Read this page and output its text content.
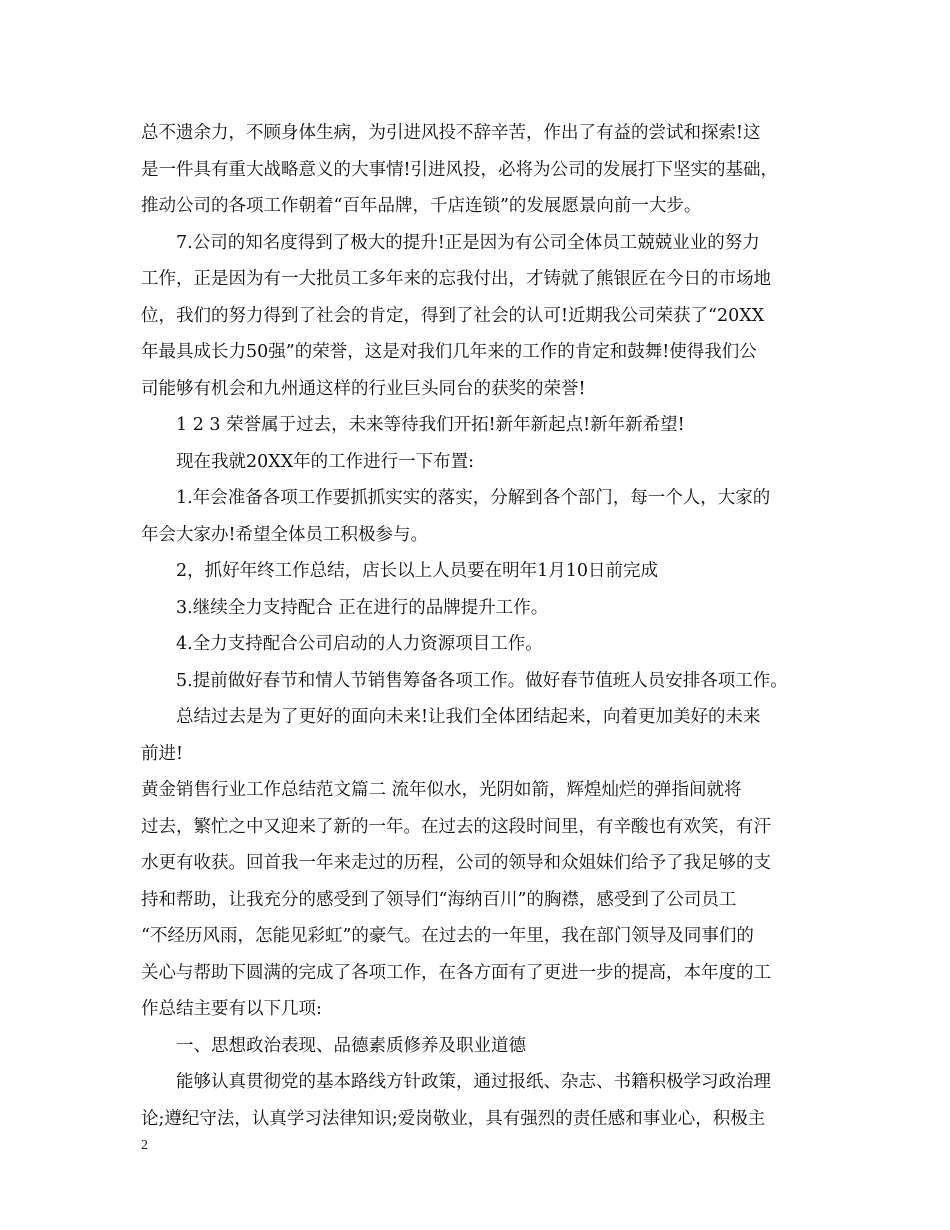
总不遗余力，不顾身体生病，为引进风投不辞辛苦，作出了有益的尝试和探索!这
是一件具有重大战略意义的大事情!引进风投，必将为公司的发展打下坚实的基础，
推动公司的各项工作朝着“百年品牌，千店连锁”的发展愿景向前一大步。
7.公司的知名度得到了极大的提升!正是因为有公司全体员工兢兢业业的努力
工作，正是因为有一大批员工多年来的忘我付出，才铸就了熊银匠在今日的市场地
位，我们的努力得到了社会的肯定，得到了社会的认可!近期我公司荣获了“20XX
年最具成长力50强”的荣誉，这是对我们几年来的工作的肯定和鼓舞!使得我们公
司能够有机会和九州通这样的行业巨头同台的获奖的荣誉!
1 2 3 荣誉属于过去，未来等待我们开拓!新年新起点!新年新希望!
现在我就20XX年的工作进行一下布置:
1.年会准备各项工作要抓抓实实的落实，分解到各个部门，每一个人，大家的
年会大家办!希望全体员工积极参与。
2，抓好年终工作总结，店长以上人员要在明年1月10日前完成
3.继续全力支持配合 正在进行的品牌提升工作。
4.全力支持配合公司启动的人力资源项目工作。
5.提前做好春节和情人节销售筹备各项工作。做好春节值班人员安排各项工作。
总结过去是为了更好的面向未来!让我们全体团结起来，向着更加美好的未来
前进!
黄金销售行业工作总结范文篇二 流年似水，光阴如箭，辉煌灿烂的弹指间就将
过去，繁忙之中又迎来了新的一年。在过去的这段时间里，有辛酸也有欢笑，有汗
水更有收获。回首我一年来走过的历程，公司的领导和众姐妹们给予了我足够的支
持和帮助，让我充分的感受到了领导们“海纳百川”的胸襟，感受到了公司员工
“不经历风雨，怎能见彩虹”的豪气。在过去的一年里，我在部门领导及同事们的
关心与帮助下圆满的完成了各项工作，在各方面有了更进一步的提高，本年度的工
作总结主要有以下几项:
一、思想政治表现、品德素质修养及职业道德
能够认真贯彻党的基本路线方针政策，通过报纸、杂志、书籍积极学习政治理
论;遵纪守法，认真学习法律知识;爱岗敬业，具有强烈的责任感和事业心，积极主
2
